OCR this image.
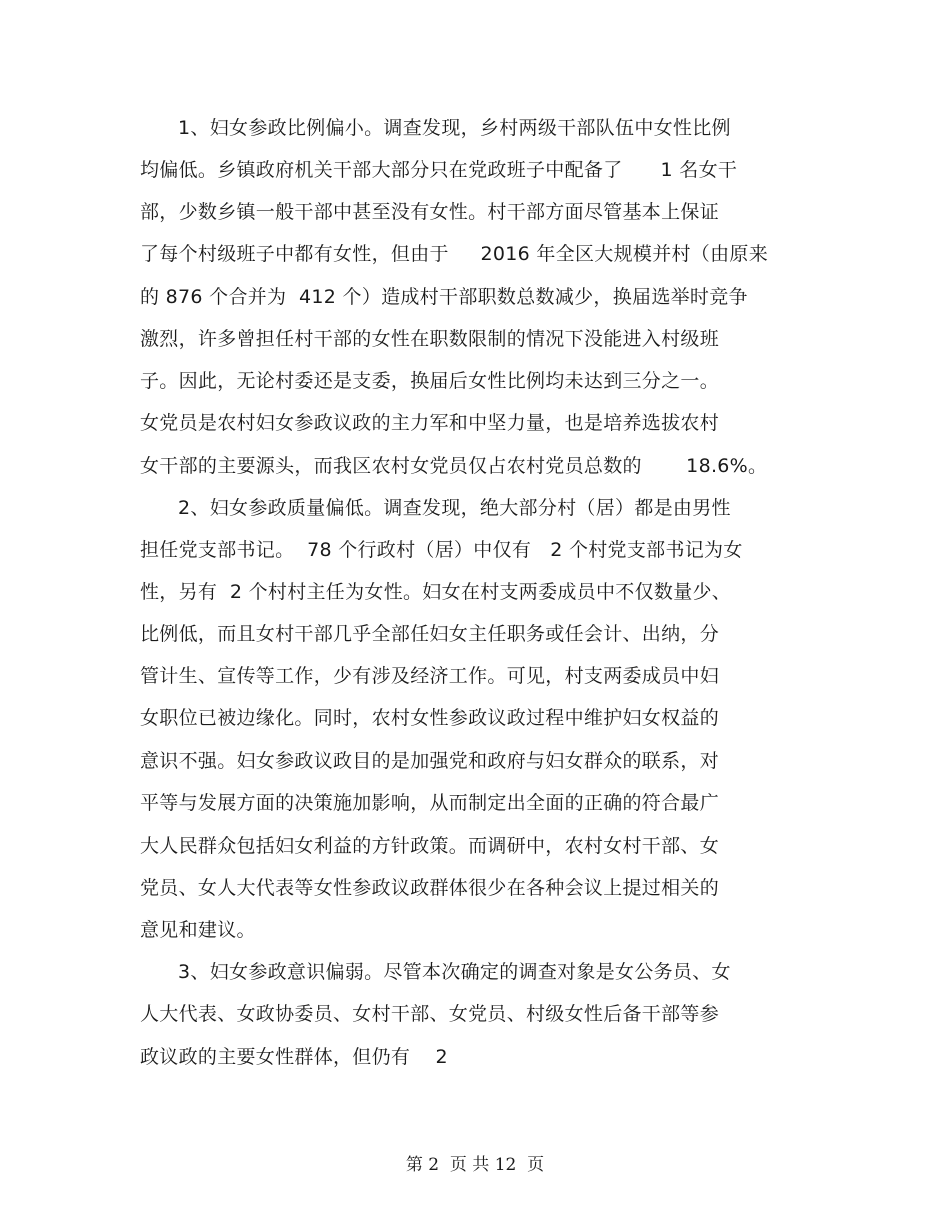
1、妇女参政比例偏小。调查发现，乡村两级干部队伍中女性比例
均偏低。乡镇政府机关干部大部分只在党政班子中配备了      1 名女干
部，少数乡镇一般干部中甚至没有女性。村干部方面尽管基本上保证
了每个村级班子中都有女性，但由于     2016 年全区大规模并村（由原来
的 876 个合并为  412 个）造成村干部职数总数减少，换届选举时竞争
激烈，许多曾担任村干部的女性在职数限制的情况下没能进入村级班
子。因此，无论村委还是支委，换届后女性比例均未达到三分之一。
女党员是农村妇女参政议政的主力军和中坚力量，也是培养选拔农村
女干部的主要源头，而我区农村女党员仅占农村党员总数的       18.6%。
2、妇女参政质量偏低。调查发现，绝大部分村（居）都是由男性
担任党支部书记。  78 个行政村（居）中仅有   2 个村党支部书记为女
性，另有  2 个村村主任为女性。妇女在村支两委成员中不仅数量少、
比例低，而且女村干部几乎全部任妇女主任职务或任会计、出纳，分
管计生、宣传等工作，少有涉及经济工作。可见，村支两委成员中妇
女职位已被边缘化。同时，农村女性参政议政过程中维护妇女权益的
意识不强。妇女参政议政目的是加强党和政府与妇女群众的联系，对
平等与发展方面的决策施加影响，从而制定出全面的正确的符合最广
大人民群众包括妇女利益的方针政策。而调研中，农村女村干部、女
党员、女人大代表等女性参政议政群体很少在各种会议上提过相关的
意见和建议。
3、妇女参政意识偏弱。尽管本次确定的调查对象是女公务员、女
人大代表、女政协委员、女村干部、女党员、村级女性后备干部等参
政议政的主要女性群体，但仍有    2
第 2  页 共 12  页
